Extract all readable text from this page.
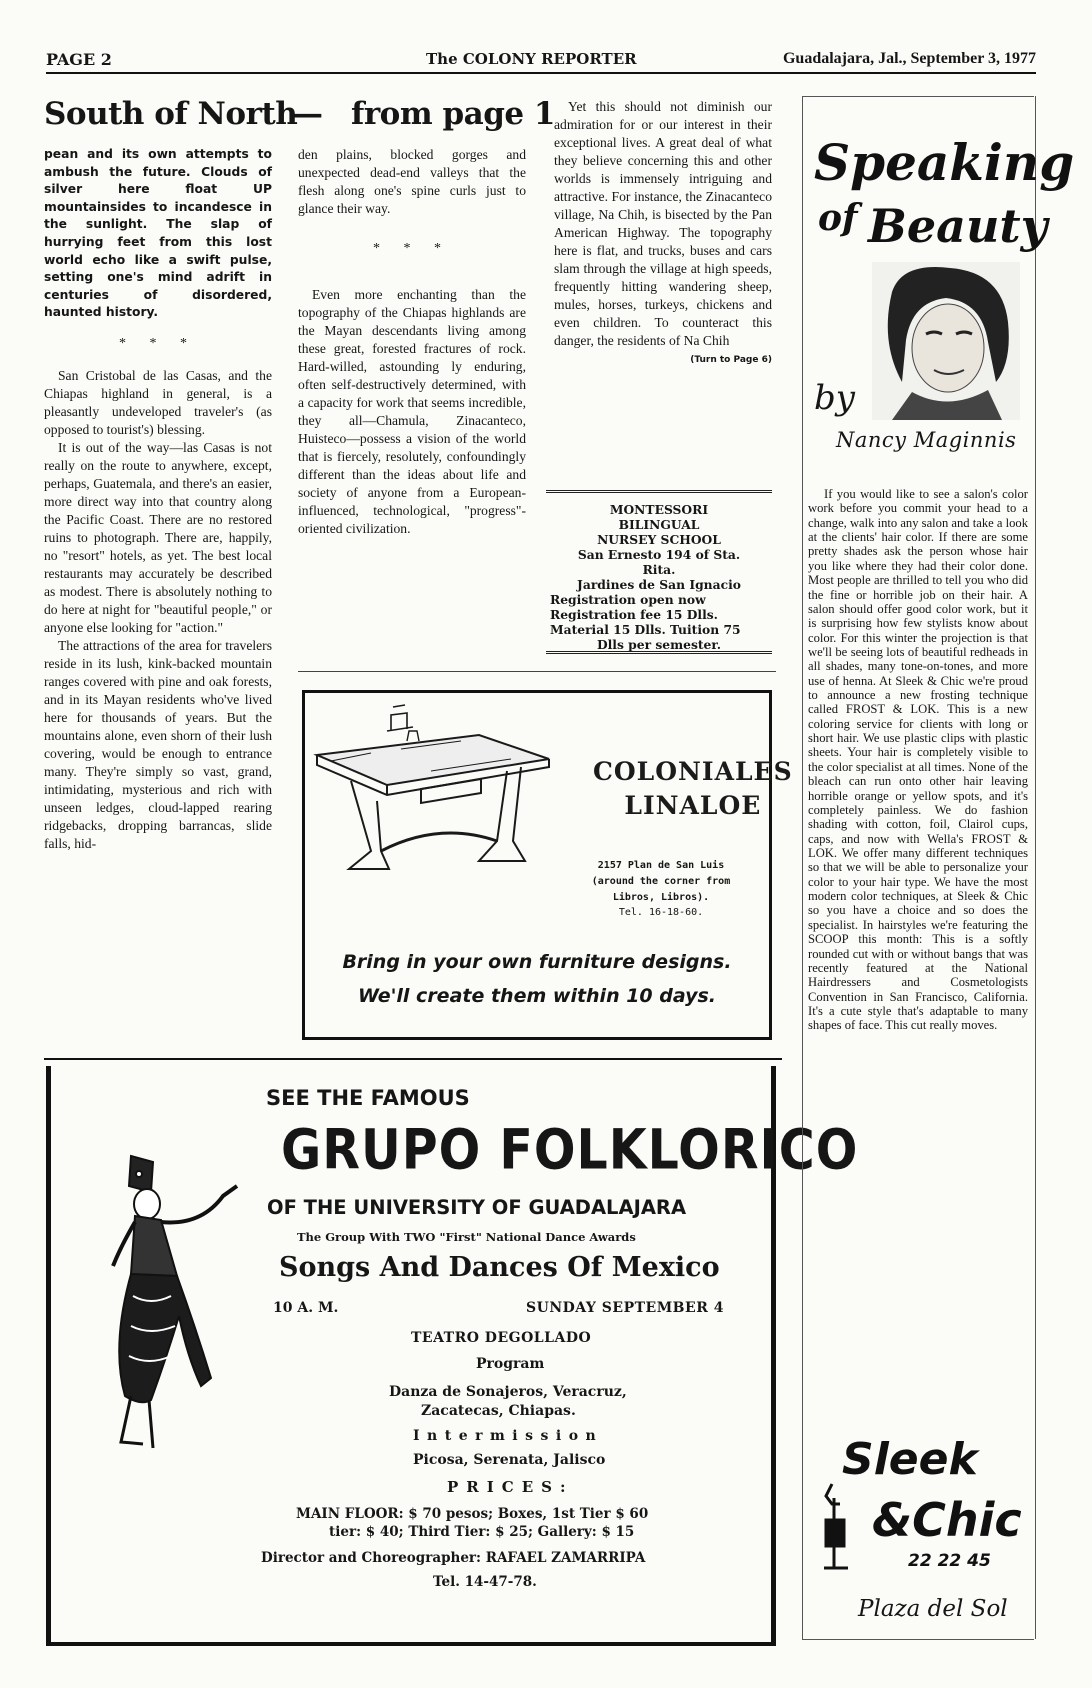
PAGE 2	The COLONY REPORTER	Guadalajara, Jal., September 3, 1977
South of North
— from page 1

pean and its own attempts to ambush the future. Clouds of silver here float UP mountainsides to incandesce in the sunlight. The slap of hurrying feet from this lost world echo like a swift pulse, setting one's mind adrift in centuries of disordered, haunted history.

* * *

San Cristobal de las Casas, and the Chiapas highland in general, is a pleasantly undeveloped traveler's (as opposed to tourist's) blessing.

It is out of the way—las Casas is not really on the route to anywhere, except, perhaps, Guatemala, and there's an easier, more direct way into that country along the Pacific Coast. There are no restored ruins to photograph. There are, happily, no "resort" hotels, as yet. The best local restaurants may accurately be described as modest. There is absolutely nothing to do here at night for "beautiful people," or anyone else looking for "action."

The attractions of the area for travelers reside in its lush, kink-backed mountain ranges covered with pine and oak forests, and in its Mayan residents who've lived here for thousands of years. But the mountains alone, even shorn of their lush covering, would be enough to entrance many. They're simply so vast, grand, intimidating, mysterious and rich with unseen ledges, cloud-lapped rearing ridgebacks, dropping barrancas, slide falls, hid-

den plains, blocked gorges and unexpected dead-end valleys that the flesh along one's spine curls just to glance their way.

* * *

Even more enchanting than the topography of the Chiapas highlands are the Mayan descendants living among these great, forested fractures of rock. Hard-willed, astounding ly enduring, often self-destructively determined, with a capacity for work that seems incredible, they all—Chamula, Zinacanteco, Huisteco—possess a vision of the world that is fiercely, resolutely, confoundingly different than the ideas about life and society of anyone from a European-influenced, technological, "progress"-oriented civilization.

Yet this should not diminish our admiration for or our interest in their exceptional lives. A great deal of what they believe concerning this and other worlds is immensely intriguing and attractive. For instance, the Zinacanteco village, Na Chih, is bisected by the Pan American Highway. The topography here is flat, and trucks, buses and cars slam through the village at high speeds, frequently hitting wandering sheep, mules, horses, turkeys, chickens and even children. To counteract this danger, the residents of Na Chih

(Turn to Page 6)
MONTESSORI
BILINGUAL
NURSEY SCHOOL
San Ernesto 194 of Sta.
Rita.
Jardines de San Ignacio
Registration open now
Registration fee 15 Dlls.
Material 15 Dlls. Tuition 75
Dlls per semester.
COLONIALES
LINALOE
2157 Plan de San Luis
(around the corner from
Libros, Libros).
Tel. 16-18-60.
Bring in your own furniture designs.
We'll create them within 10 days.
SEE THE FAMOUS
GRUPO FOLKLORICO
OF THE UNIVERSITY OF GUADALAJARA
The Group With TWO "First" National Dance Awards
Songs And Dances Of Mexico
10 A. M.	SUNDAY SEPTEMBER 4
TEATRO DEGOLLADO
Program
Danza de Sonajeros, Veracruz,
Zacatecas, Chiapas.
Intermission
Picosa, Serenata, Jalisco
PRICES:
MAIN FLOOR: $ 70 pesos; Boxes, 1st Tier $ 60
tier: $ 40; Third Tier: $ 25; Gallery: $ 15
Director and Choreographer: RAFAEL ZAMARRIPA
Tel. 14-47-78.
Speaking
of Beauty
by
Nancy Maginnis

If you would like to see a salon's color work before you commit your head to a change, walk into any salon and take a look at the clients' hair color. If there are some pretty shades ask the person whose hair you like where they had their color done. Most people are thrilled to tell you who did the fine or horrible job on their hair. A salon should offer good color work, but it is surprising how few stylists know about color. For this winter the projection is that we'll be seeing lots of beautiful redheads in all shades, many tone-on-tones, and more use of henna. At Sleek & Chic we're proud to announce a new frosting technique called FROST & LOK. This is a new coloring service for clients with long or short hair. We use plastic clips with plastic sheets. Your hair is completely visible to the color specialist at all times. None of the bleach can run onto other hair leaving horrible orange or yellow spots, and it's completely painless. We do fashion shading with cotton, foil, Clairol cups, caps, and now with Wella's FROST & LOK. We offer many different techniques so that we will be able to personalize your color to your hair type. We have the most modern color techniques, at Sleek & Chic so you have a choice and so does the specialist. In hairstyles we're featuring the SCOOP this month: This is a softly rounded cut with or without bangs that was recently featured at the National Hairdressers and Cosmetologists Convention in San Francisco, California. It's a cute style that's adaptable to many shapes of face. This cut really moves.

Sleek
&Chic
22 22 45
Plaza del Sol
